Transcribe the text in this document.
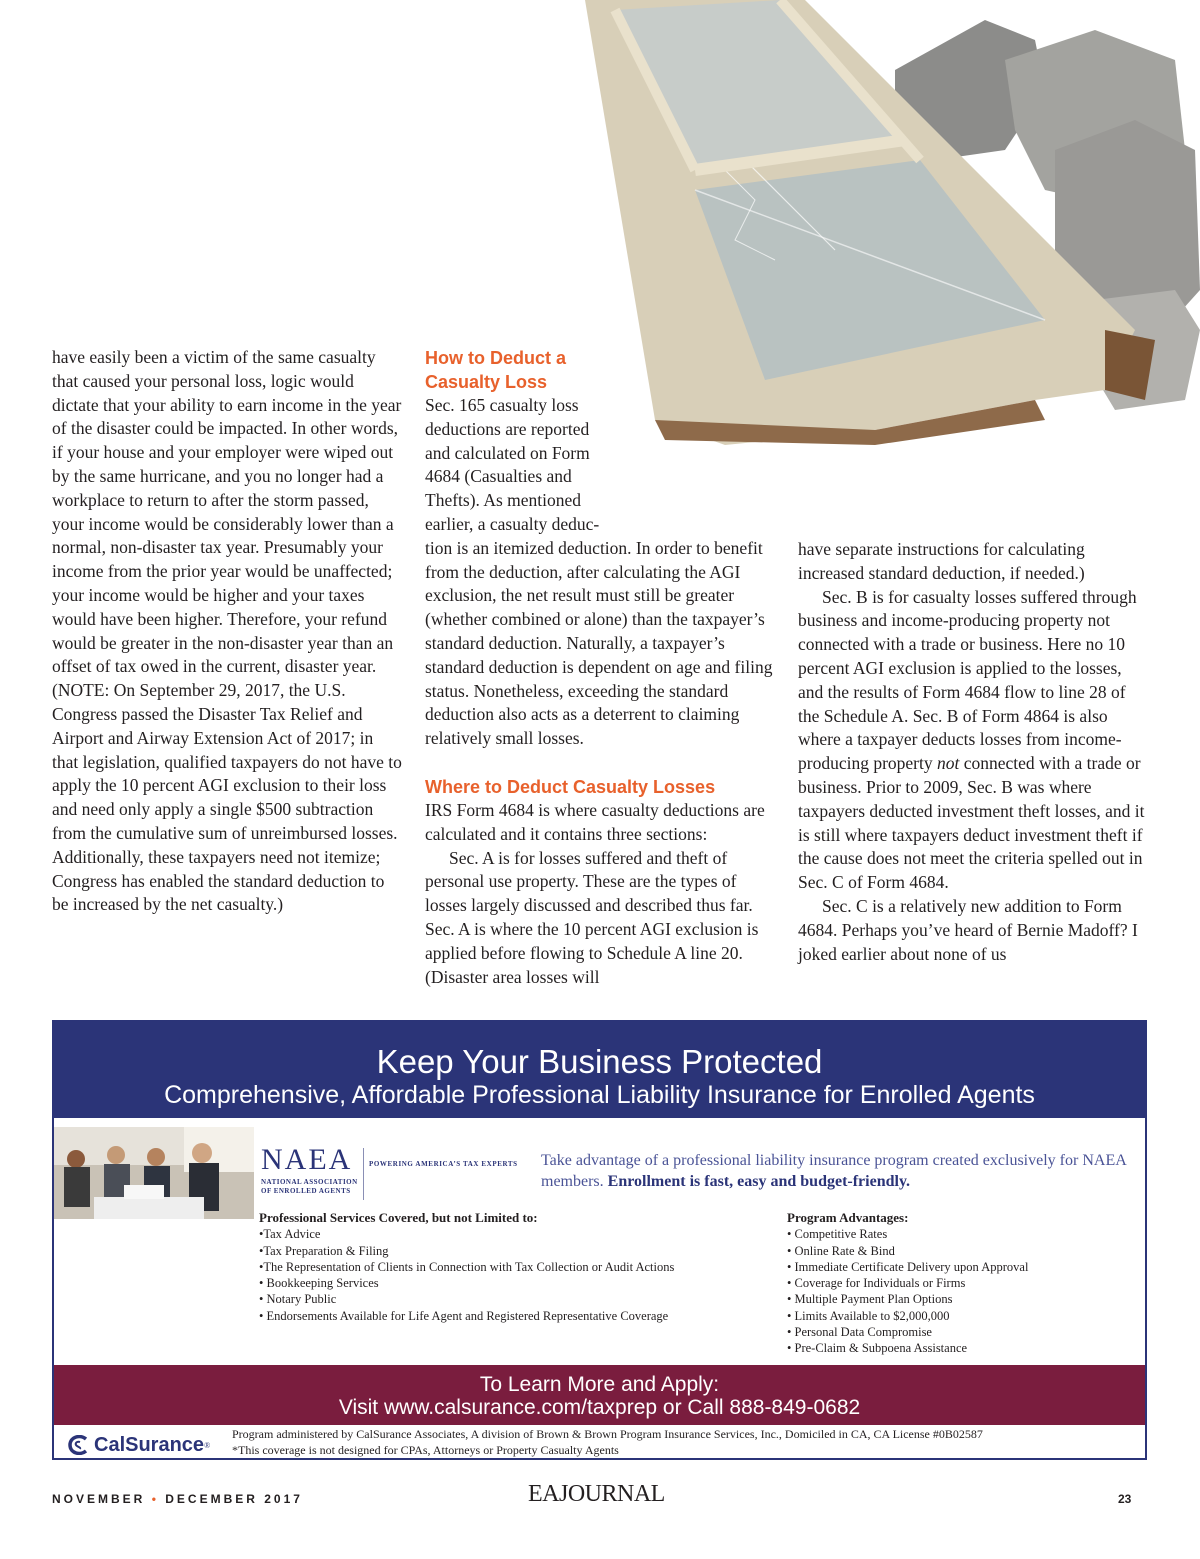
have easily been a victim of the same casualty that caused your personal loss, logic would dictate that your ability to earn income in the year of the disaster could be impacted. In other words, if your house and your employer were wiped out by the same hurricane, and you no longer had a workplace to return to after the storm passed, your income would be considerably lower than a normal, non-disaster tax year. Presumably your income from the prior year would be unaffected; your income would be higher and your taxes would have been higher. Therefore, your refund would be greater in the non-disaster year than an offset of tax owed in the current, disaster year. (NOTE: On September 29, 2017, the U.S. Congress passed the Disaster Tax Relief and Airport and Airway Extension Act of 2017; in that legislation, qualified taxpayers do not have to apply the 10 percent AGI exclusion to their loss and need only apply a single $500 subtraction from the cumulative sum of unreimbursed losses. Additionally, these taxpayers need not itemize; Congress has enabled the standard deduction to be increased by the net casualty.)

How to Deduct a Casualty Loss

Sec. 165 casualty loss deductions are reported and calculated on Form 4684 (Casualties and Thefts). As mentioned earlier, a casualty deduc-

tion is an itemized deduction. In order to benefit from the deduction, after calculating the AGI exclusion, the net result must still be greater (whether combined or alone) than the taxpayer’s standard deduction. Naturally, a taxpayer’s standard deduction is dependent on age and filing status. Nonetheless, exceeding the standard deduction also acts as a deterrent to claiming relatively small losses.

Where to Deduct Casualty Losses

IRS Form 4684 is where casualty deductions are calculated and it contains three sections:

Sec. A is for losses suffered and theft of personal use property. These are the types of losses largely discussed and described thus far. Sec. A is where the 10 percent AGI exclusion is applied before flowing to Schedule A line 20. (Disaster area losses will

have separate instructions for calculating increased standard deduction, if needed.)

Sec. B is for casualty losses suffered through business and income-producing property not connected with a trade or business. Here no 10 percent AGI exclusion is applied to the losses, and the results of Form 4684 flow to line 28 of the Schedule A. Sec. B of Form 4864 is also where a taxpayer deducts losses from income-producing property not connected with a trade or business. Prior to 2009, Sec. B was where taxpayers deducted investment theft losses, and it is still where taxpayers deduct investment theft if the cause does not meet the criteria spelled out in Sec. C of Form 4684.

Sec. C is a relatively new addition to Form 4684. Perhaps you’ve heard of Bernie Madoff? I joked earlier about none of us

Keep Your Business Protected
Comprehensive, Affordable Professional Liability Insurance for Enrolled Agents
NAEA
NATIONAL ASSOCIATION
OF ENROLLED AGENTS
POWERING AMERICA’S TAX EXPERTS Take advantage of a professional liability insurance program created exclusively for NAEA members. Enrollment is fast, easy and budget-friendly.
Professional Services Covered, but not Limited to:
•Tax Advice
•Tax Preparation & Filing
•The Representation of Clients in Connection with Tax Collection or Audit Actions
• Bookkeeping Services
• Notary Public
• Endorsements Available for Life Agent and Registered Representative Coverage
Program Advantages:
• Competitive Rates
• Online Rate & Bind
• Immediate Certificate Delivery upon Approval
• Coverage for Individuals or Firms
• Multiple Payment Plan Options
• Limits Available to $2,000,000
• Personal Data Compromise
• Pre-Claim & Subpoena Assistance
To Learn More and Apply:
Visit www.calsurance.com/taxprep or Call 888-849-0682
CalSurance ®
Program administered by CalSurance Associates, A division of Brown & Brown Program Insurance Services, Inc., Domiciled in CA, CA License #0B02587
*This coverage is not designed for CPAs, Attorneys or Property Casualty Agents
NOVEMBER • DECEMBER 2017	EAJOURNAL	23
